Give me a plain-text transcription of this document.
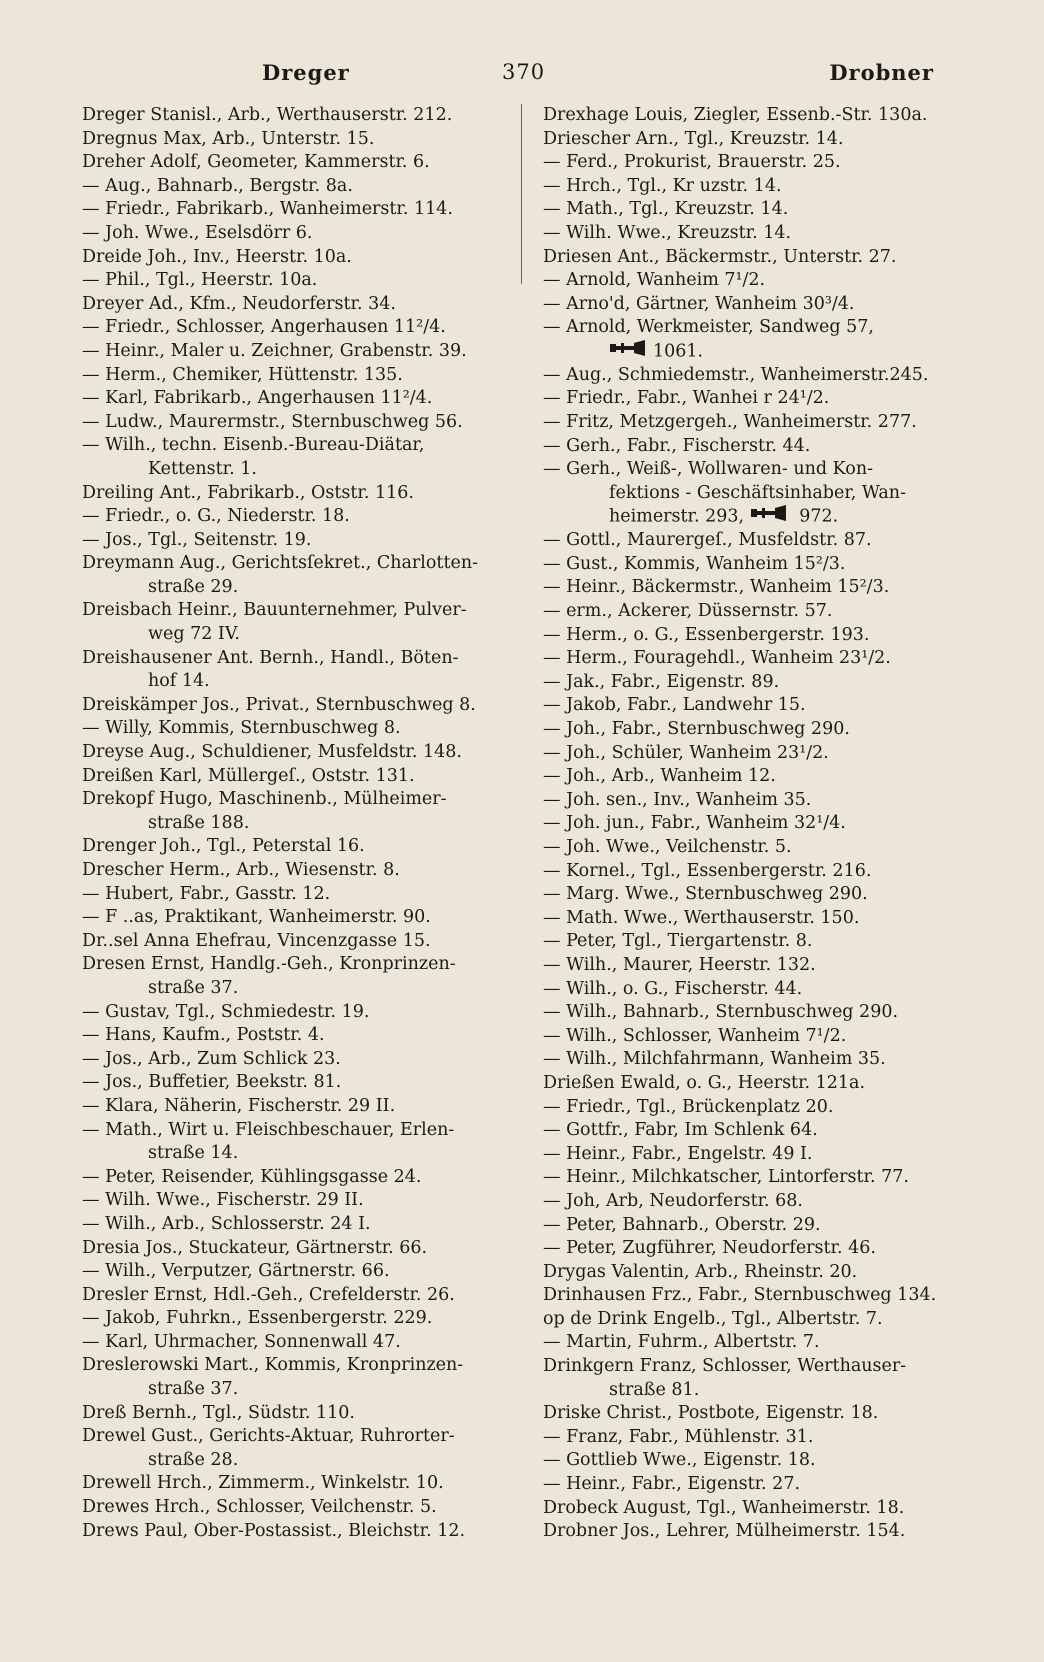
Dreger	370	Drobner
Dreger Stanisl., Arb., Werthauserstr. 212.
Dregnus Max, Arb., Unterstr. 15.
Dreher Adolf, Geometer, Kammerstr. 6.
— Aug., Bahnarb., Bergstr. 8a.
— Friedr., Fabrikarb., Wanheimerstr. 114.
— Joh. Wwe., Eselsdörr 6.
Dreide Joh., Inv., Heerstr. 10a.
— Phil., Tgl., Heerstr. 10a.
Dreyer Ad., Kfm., Neudorferstr. 34.
— Friedr., Schlosser, Angerhausen 11²/4.
— Heinr., Maler u. Zeichner, Grabenstr. 39.
— Herm., Chemiker, Hüttenstr. 135.
— Karl, Fabrikarb., Angerhausen 11²/4.
— Ludw., Maurermstr., Sternbuschweg 56.
— Wilh., techn. Eisenb.-Bureau-Diätar,
Kettenstr. 1.
Dreiling Ant., Fabrikarb., Oststr. 116.
— Friedr., o. G., Niederstr. 18.
— Jos., Tgl., Seitenstr. 19.
Dreymann Aug., Gerichtsſekret., Charlotten-
straße 29.
Dreisbach Heinr., Bauunternehmer, Pulver-
weg 72 IV.
Dreishausener Ant. Bernh., Handl., Böten-
hof 14.
Dreiskämper Jos., Privat., Sternbuschweg 8.
— Willy, Kommis, Sternbuschweg 8.
Dreyse Aug., Schuldiener, Musfeldstr. 148.
Dreißen Karl, Müllergeſ., Oststr. 131.
Drekopf Hugo, Maschinenb., Mülheimer-
straße 188.
Drenger Joh., Tgl., Peterstal 16.
Drescher Herm., Arb., Wiesenstr. 8.
— Hubert, Fabr., Gasstr. 12.
— F ..as, Praktikant, Wanheimerstr. 90.
Dr..sel Anna Ehefrau, Vincenzgasse 15.
Dresen Ernst, Handlg.-Geh., Kronprinzen-
straße 37.
— Gustav, Tgl., Schmiedestr. 19.
— Hans, Kaufm., Poststr. 4.
— Jos., Arb., Zum Schlick 23.
— Jos., Buffetier, Beekstr. 81.
— Klara, Näherin, Fischerstr. 29 II.
— Math., Wirt u. Fleischbeschauer, Erlen-
straße 14.
— Peter, Reisender, Kühlingsgasse 24.
— Wilh. Wwe., Fischerstr. 29 II.
— Wilh., Arb., Schlosserstr. 24 I.
Dresia Jos., Stuckateur, Gärtnerstr. 66.
— Wilh., Verputzer, Gärtnerstr. 66.
Dresler Ernst, Hdl.-Geh., Crefelderstr. 26.
— Jakob, Fuhrkn., Essenbergerstr. 229.
— Karl, Uhrmacher, Sonnenwall 47.
Dreslerowski Mart., Kommis, Kronprinzen-
straße 37.
Dreß Bernh., Tgl., Südstr. 110.
Drewel Gust., Gerichts-Aktuar, Ruhrorter-
straße 28.
Drewell Hrch., Zimmerm., Winkelstr. 10.
Drewes Hrch., Schlosser, Veilchenstr. 5.
Drews Paul, Ober-Postassist., Bleichstr. 12.
Drexhage Louis, Ziegler, Essenb.-Str. 130a.
Driescher Arn., Tgl., Kreuzstr. 14.
— Ferd., Prokurist, Brauerstr. 25.
— Hrch., Tgl., Kr uzstr. 14.
— Math., Tgl., Kreuzstr. 14.
— Wilh. Wwe., Kreuzstr. 14.
Driesen Ant., Bäckermstr., Unterstr. 27.
— Arnold, Wanheim 7¹/2.
— Arno'd, Gärtner, Wanheim 30³/4.
— Arnold, Werkmeister, Sandweg 57,
1061.
— Aug., Schmiedemstr., Wanheimerstr.245.
— Friedr., Fabr., Wanhei r 24¹/2.
— Fritz, Metzgergeh., Wanheimerstr. 277.
— Gerh., Fabr., Fischerstr. 44.
— Gerh., Weiß-, Wollwaren- und Kon-
fektions - Geschäftsinhaber, Wan-
heimerstr. 293,	972.
— Gottl., Maurergeſ., Musfeldstr. 87.
— Gust., Kommis, Wanheim 15²/3.
— Heinr., Bäckermstr., Wanheim 15²/3.
— erm., Ackerer, Düssernstr. 57.
— Herm., o. G., Essenbergerstr. 193.
— Herm., Fouragehdl., Wanheim 23¹/2.
— Jak., Fabr., Eigenstr. 89.
— Jakob, Fabr., Landwehr 15.
— Joh., Fabr., Sternbuschweg 290.
— Joh., Schüler, Wanheim 23¹/2.
— Joh., Arb., Wanheim 12.
— Joh. sen., Inv., Wanheim 35.
— Joh. jun., Fabr., Wanheim 32¹/4.
— Joh. Wwe., Veilchenstr. 5.
— Kornel., Tgl., Essenbergerstr. 216.
— Marg. Wwe., Sternbuschweg 290.
— Math. Wwe., Werthauserstr. 150.
— Peter, Tgl., Tiergartenstr. 8.
— Wilh., Maurer, Heerstr. 132.
— Wilh., o. G., Fischerstr. 44.
— Wilh., Bahnarb., Sternbuschweg 290.
— Wilh., Schlosser, Wanheim 7¹/2.
— Wilh., Milchfahrmann, Wanheim 35.
Drießen Ewald, o. G., Heerstr. 121a.
— Friedr., Tgl., Brückenplatz 20.
— Gottfr., Fabr, Im Schlenk 64.
— Heinr., Fabr., Engelstr. 49 I.
— Heinr., Milchkatscher, Lintorferstr. 77.
— Joh, Arb, Neudorferstr. 68.
— Peter, Bahnarb., Oberstr. 29.
— Peter, Zugführer, Neudorferstr. 46.
Drygas Valentin, Arb., Rheinstr. 20.
Drinhausen Frz., Fabr., Sternbuschweg 134.
op de Drink Engelb., Tgl., Albertstr. 7.
— Martin, Fuhrm., Albertstr. 7.
Drinkgern Franz, Schlosser, Werthauser-
straße 81.
Driske Christ., Postbote, Eigenstr. 18.
— Franz, Fabr., Mühlenstr. 31.
— Gottlieb Wwe., Eigenstr. 18.
— Heinr., Fabr., Eigenstr. 27.
Drobeck August, Tgl., Wanheimerstr. 18.
Drobner Jos., Lehrer, Mülheimerstr. 154.
